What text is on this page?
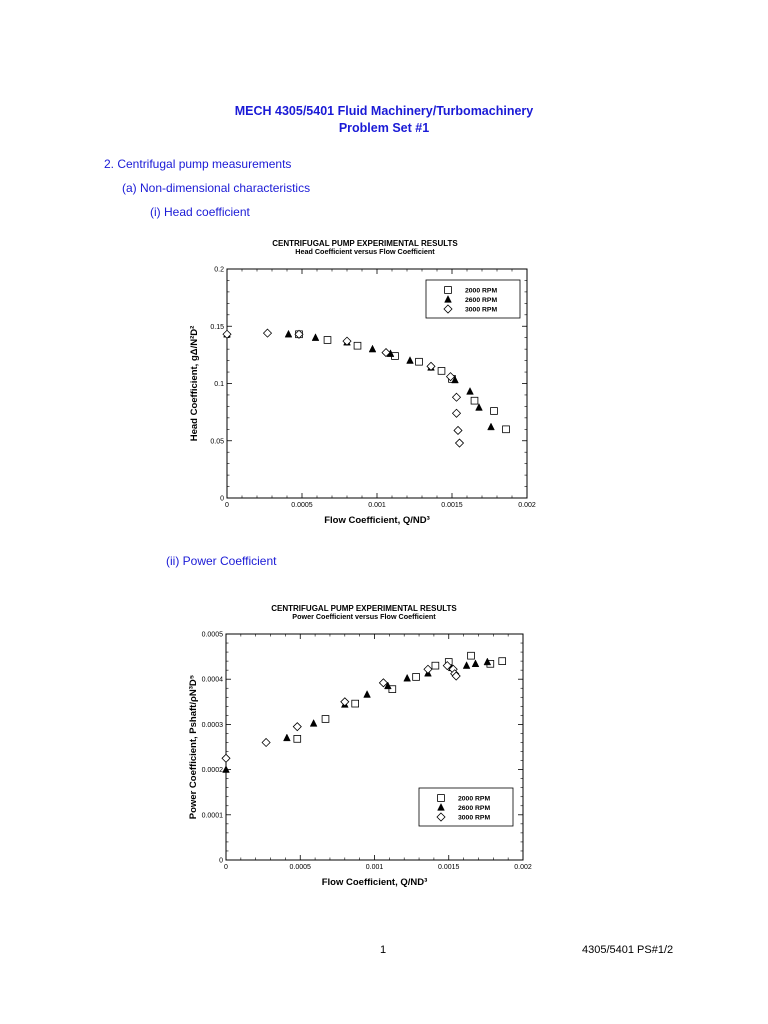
MECH 4305/5401 Fluid Machinery/Turbomachinery
Problem Set #1
2. Centrifugal pump measurements
(a) Non-dimensional characteristics
(i) Head coefficient
(ii) Power Coefficient
CENTRIFUGAL PUMP EXPERIMENTAL RESULTS
Head Coefficient versus Flow Coefficient
0	0.0005	0.001	0.0015	0.002
0
0.05
0.1
0.15
0.2
Flow Coefficient, Q/ND³
Head Coefficient, gΔ/N²D²
2000 RPM
2600 RPM
3000 RPM
CENTRIFUGAL PUMP EXPERIMENTAL RESULTS
Power Coefficient versus Flow Coefficient
0	0.0005	0.001	0.0015	0.002
0
0.0001
0.0002
0.0003
0.0004
0.0005
Flow Coefficient, Q/ND³
Power Coefficient, Pshaft/ρN³D⁵	2000 RPM
2600 RPM
3000 RPM
1	4305/5401 PS#1/2
